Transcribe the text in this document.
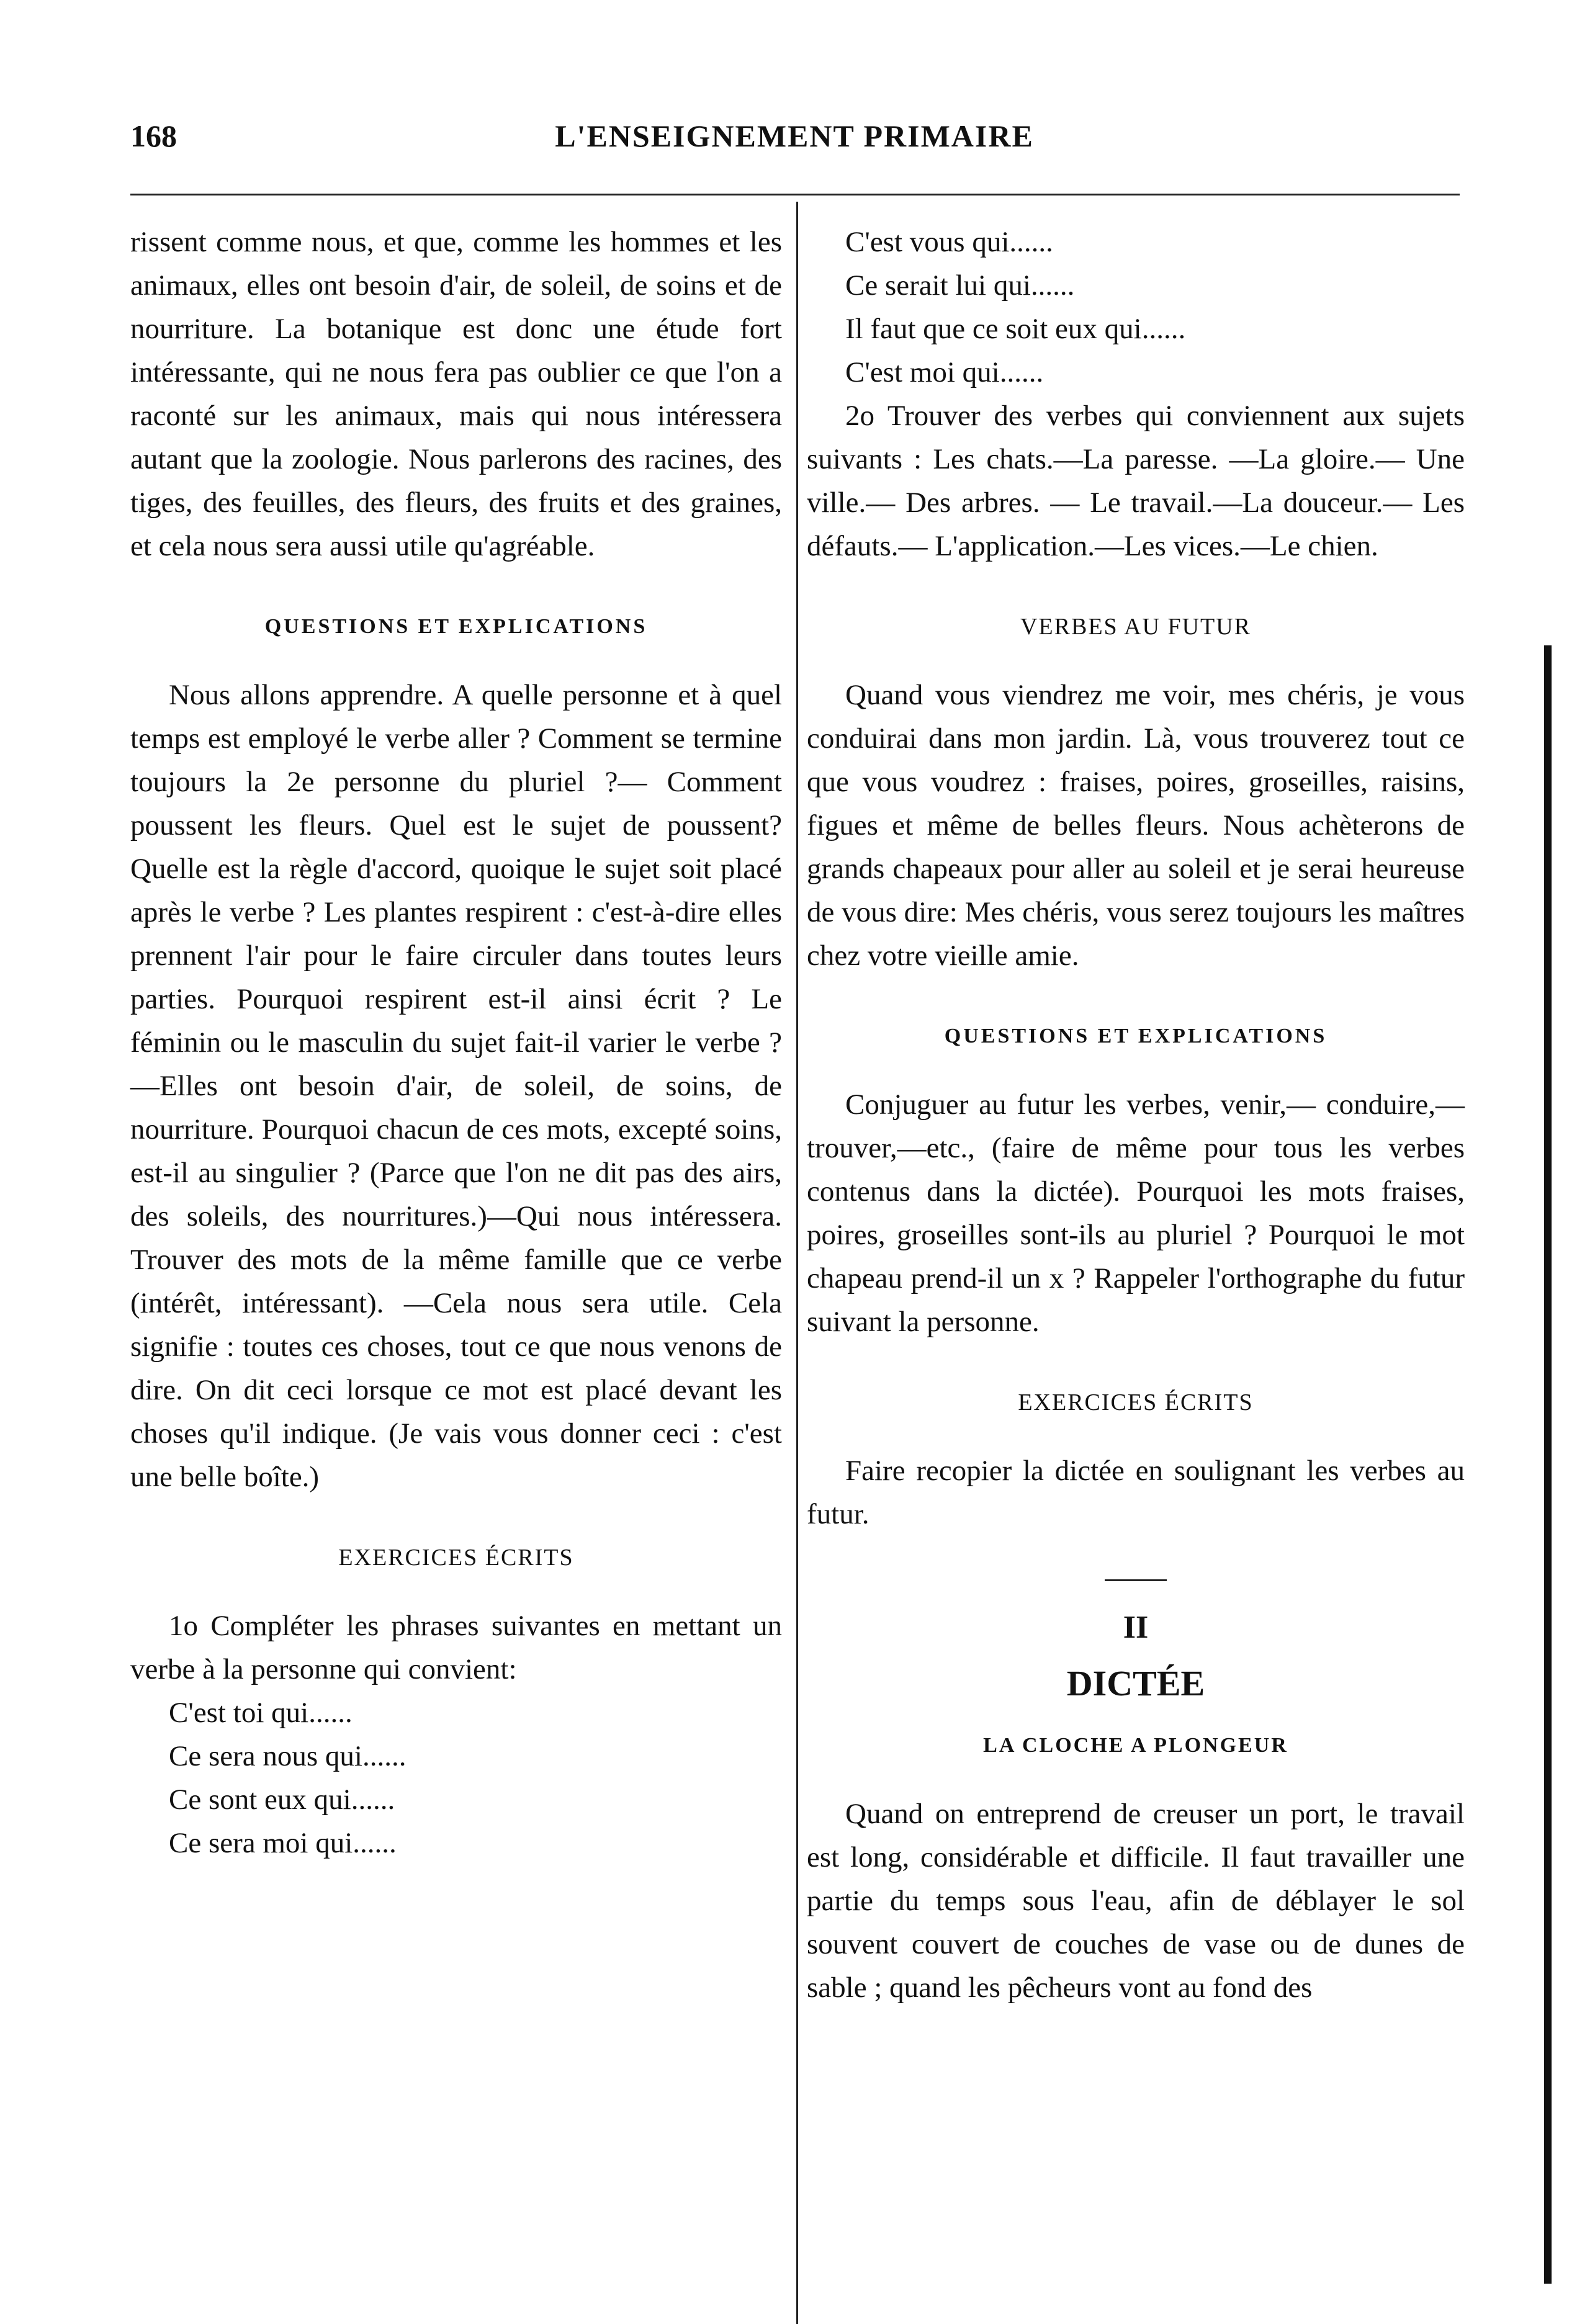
168	L'ENSEIGNEMENT PRIMAIRE

rissent comme nous, et que, comme les hommes et les animaux, elles ont besoin d'air, de soleil, de soins et de nourriture. La botanique est donc une étude fort intéressante, qui ne nous fera pas oublier ce que l'on a raconté sur les animaux, mais qui nous intéressera autant que la zoologie. Nous parlerons des racines, des tiges, des feuilles, des fleurs, des fruits et des graines, et cela nous sera aussi utile qu'agréable.

QUESTIONS ET EXPLICATIONS

Nous allons apprendre. A quelle personne et à quel temps est employé le verbe aller ? Comment se termine toujours la 2e personne du pluriel ?— Comment poussent les fleurs. Quel est le sujet de poussent? Quelle est la règle d'accord, quoique le sujet soit placé après le verbe ? Les plantes respirent : c'est-à-dire elles prennent l'air pour le faire circuler dans toutes leurs parties. Pourquoi respirent est-il ainsi écrit ? Le féminin ou le masculin du sujet fait-il varier le verbe ?—Elles ont besoin d'air, de soleil, de soins, de nourriture. Pourquoi chacun de ces mots, excepté soins, est-il au singulier ? (Parce que l'on ne dit pas des airs, des soleils, des nourritures.)—Qui nous intéressera. Trouver des mots de la même famille que ce verbe (intérêt, intéressant). —Cela nous sera utile. Cela signifie : toutes ces choses, tout ce que nous venons de dire. On dit ceci lorsque ce mot est placé devant les choses qu'il indique. (Je vais vous donner ceci : c'est une belle boîte.)

EXERCICES ÉCRITS

1o Compléter les phrases suivantes en mettant un verbe à la personne qui convient:

C'est toi qui......

Ce sera nous qui......

Ce sont eux qui......

Ce sera moi qui......

C'est vous qui......

Ce serait lui qui......

Il faut que ce soit eux qui......

C'est moi qui......

2o Trouver des verbes qui conviennent aux sujets suivants : Les chats.—La paresse. —La gloire.— Une ville.— Des arbres. — Le travail.—La douceur.— Les défauts.— L'application.—Les vices.—Le chien.

VERBES AU FUTUR

Quand vous viendrez me voir, mes chéris, je vous conduirai dans mon jardin. Là, vous trouverez tout ce que vous voudrez : fraises, poires, groseilles, raisins, figues et même de belles fleurs. Nous achèterons de grands chapeaux pour aller au soleil et je serai heureuse de vous dire: Mes chéris, vous serez toujours les maîtres chez votre vieille amie.

QUESTIONS ET EXPLICATIONS

Conjuguer au futur les verbes, venir,— conduire,—trouver,—etc., (faire de même pour tous les verbes contenus dans la dictée). Pourquoi les mots fraises, poires, groseilles sont-ils au pluriel ? Pourquoi le mot chapeau prend-il un x ? Rappeler l'orthographe du futur suivant la personne.

EXERCICES ÉCRITS

Faire recopier la dictée en soulignant les verbes au futur.

II
DICTÉE
LA CLOCHE A PLONGEUR

Quand on entreprend de creuser un port, le travail est long, considérable et difficile. Il faut travailler une partie du temps sous l'eau, afin de déblayer le sol souvent couvert de couches de vase ou de dunes de sable ; quand les pêcheurs vont au fond des
